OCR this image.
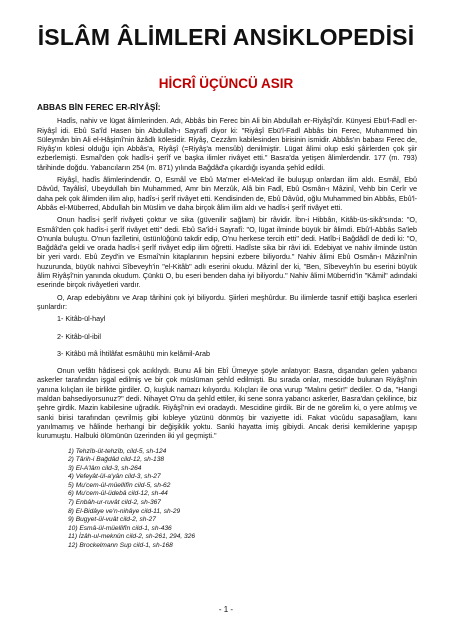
İSLÂM ÂLİMLERİ ANSİKLOPEDİSİ
HİCRÎ ÜÇÜNCÜ ASIR
ABBAS BİN FEREC ER-RİYÂŞÎ:

Hadîs, nahiv ve lügat âlimlerinden. Adı, Abbâs bin Ferec bin Ali bin Abdullah er-Riyâşî'dir. Künyesi Ebü'l-Fadl er-Riyâşî idi. Ebû Sa'îd Hasen bin Abdullah-ı Sayrafî diyor ki: "Riyâşî Ebü'l-Fadl Abbâs bin Ferec, Muhammed bin Süleymân bin Ali el-Hâşimî'nin âzâdlı kölesidir. Riyâş, Cezzâm kabilesinden birisinin ismidir. Abbâs'ın babası Ferec de, Riyâş'ın kölesi olduğu için Abbâs'a, Riyâşî (=Riyâş'a mensûb) denilmiştir. Lügat âlimi olup eski şâirlerden çok şiir ezberlemişti. Esmaî'den çok hadîs-i şerîf ve başka ilimler rivâyet etti." Basra'da yetişen âlimlerdendir. 177 (m. 793) târihinde doğdu. Yabancıların 254 (m. 871) yılında Bağdâd'a çıkardığı isyanda şehîd edildi.

Riyâşî, hadîs âlimlerindendir. O, Esmâî ve Ebû Ma'mer el-Mek'ad ile buluşup onlardan ilim aldı. Esmâî, Ebû Dâvûd, Tayâlisî, Ubeydullah bin Muhammed, Amr bin Merzûk, Alâ bin Fadl, Ebû Osmân-ı Mâzinî, Vehb bin Cerîr ve daha pek çok âlimden ilim alıp, hadîs-i şerîf rivâyet etti. Kendisinden de, Ebû Dâvûd, oğlu Muhammed bin Abbâs, Ebû'l-Abbâs el-Müberred, Abdullah bin Müslim ve daha birçok âlim ilim aldı ve hadîs-i şerîf rivâyet etti.

Onun hadîs-i şerîf rivâyeti çoktur ve sika (güvenilir sağlam) bir râvidir. İbn-i Hibbân, Kitâb-üs-sikâ'sında: "O, Esmâî'den çok hadîs-i şerîf rivâyet etti" dedi. Ebû Sa'îd-i Sayrafî: "O, lügat ilminde büyük bir âlimdi. Ebû'l-Abbâs Sa'leb O'nunla buluştu. O'nun fazîletini, üstünlüğünü takdir edip, O'nu herkese tercih etti" dedi. Hatîb-i Bağdâdî de dedi ki: "O, Bağdâd'a geldi ve orada hadîs-i şerîf rivâyet edip ilim öğretti. Hadîste sika bir râvi idi. Edebiyat ve nahiv ilminde üstün bir yeri vardı. Ebû Zeyd'in ve Esmaî'nin kitaplarının hepsini ezbere biliyordu." Nahiv âlimi Ebû Osmân-ı Mâzinî'nin huzurunda, büyük nahivci Sîbeveyh'in "el-Kitâb" adlı eserini okudu. Mâzinî der ki, "Ben, Sîbeveyh'in bu eserini büyük âlim Riyâşî'nin yanında okudum. Çünkü O, bu eseri benden daha iyi biliyordu." Nahiv âlimi Müberrid'in "Kâmil" adındaki eserinde birçok rivâyetleri vardır.

O, Arap edebiyâtını ve Arap târihini çok iyi biliyordu. Şiirleri meşhûrdur. Bu ilimlerde tasnif ettiği başlıca eserleri şunlardır:

1- Kitâb-ül-hayl
2- Kitâb-ül-ibil
3- Kitâbü mâ İhtilâfat esmâühü min kelâmil-Arab

Onun vefâtı hâdisesi çok acıklıydı. Bunu Ali bin Ebî Ümeyye şöyle anlatıyor: Basra, dışarıdan gelen yabancı askerler tarafından işgal edilmiş ve bir çok müslüman şehîd edilmişti. Bu sırada onlar, mescidde bulunan Riyâşî'nin yanına kılıçları ile birlikte girdiler. O, kuşluk namazı kılıyordu. Kılıçları ile ona vurup "Malını getir!" dediler. O da, "Hangi maldan bahsediyorsunuz?" dedi. Nihayet O'nu da şehîd ettiler, iki sene sonra yabancı askerler, Basra'dan çekilince, biz şehre girdik. Mazin kabilesine uğradık. Riyâşî'nin evi oradaydı. Mescidine girdik. Bir de ne görelim ki, o yere atılmış ve sanki birisi tarafından çevrilmiş gibi kıbleye yüzünü dönmüş bir vaziyette idi. Fakat vücûdu sapasağlam, kanı yanılmamış ve hâlinde herhangi bir değişiklik yoktu. Sanki hayatta imiş gibiydi. Ancak derisi kemiklerine yapışıp kurumuştu. Halbuki ölümünün üzerinden iki yıl geçmişti."

1) Tehzîb-üt-tehzîb, cild-5, sh-124
2) Târih-i Bağdâd cild-12, sh-138
3) El-A'lâm cild-3, sh-264
4) Vefeyât-ül-a'yân cild-3, sh-27
5) Mu'cem-ül-müellifîn cild-5, sh-62
6) Mu'cem-ül-üdebâ cild-12, sh-44
7) Enbâh-ur-ruvât cild-2, sh-367
8) El-Bidâye ve'n-nihâye cild-11, sh-29
9) Bugyet-ül-vuât cild-2, sh-27
10) Esmâ-ül-müellifîn cild-1, sh-436
11) İzâh-ul-meknûn cild-2, sh-261, 294, 326
12) Brockelmann Sup cild-1, sh-168
- 1 -
